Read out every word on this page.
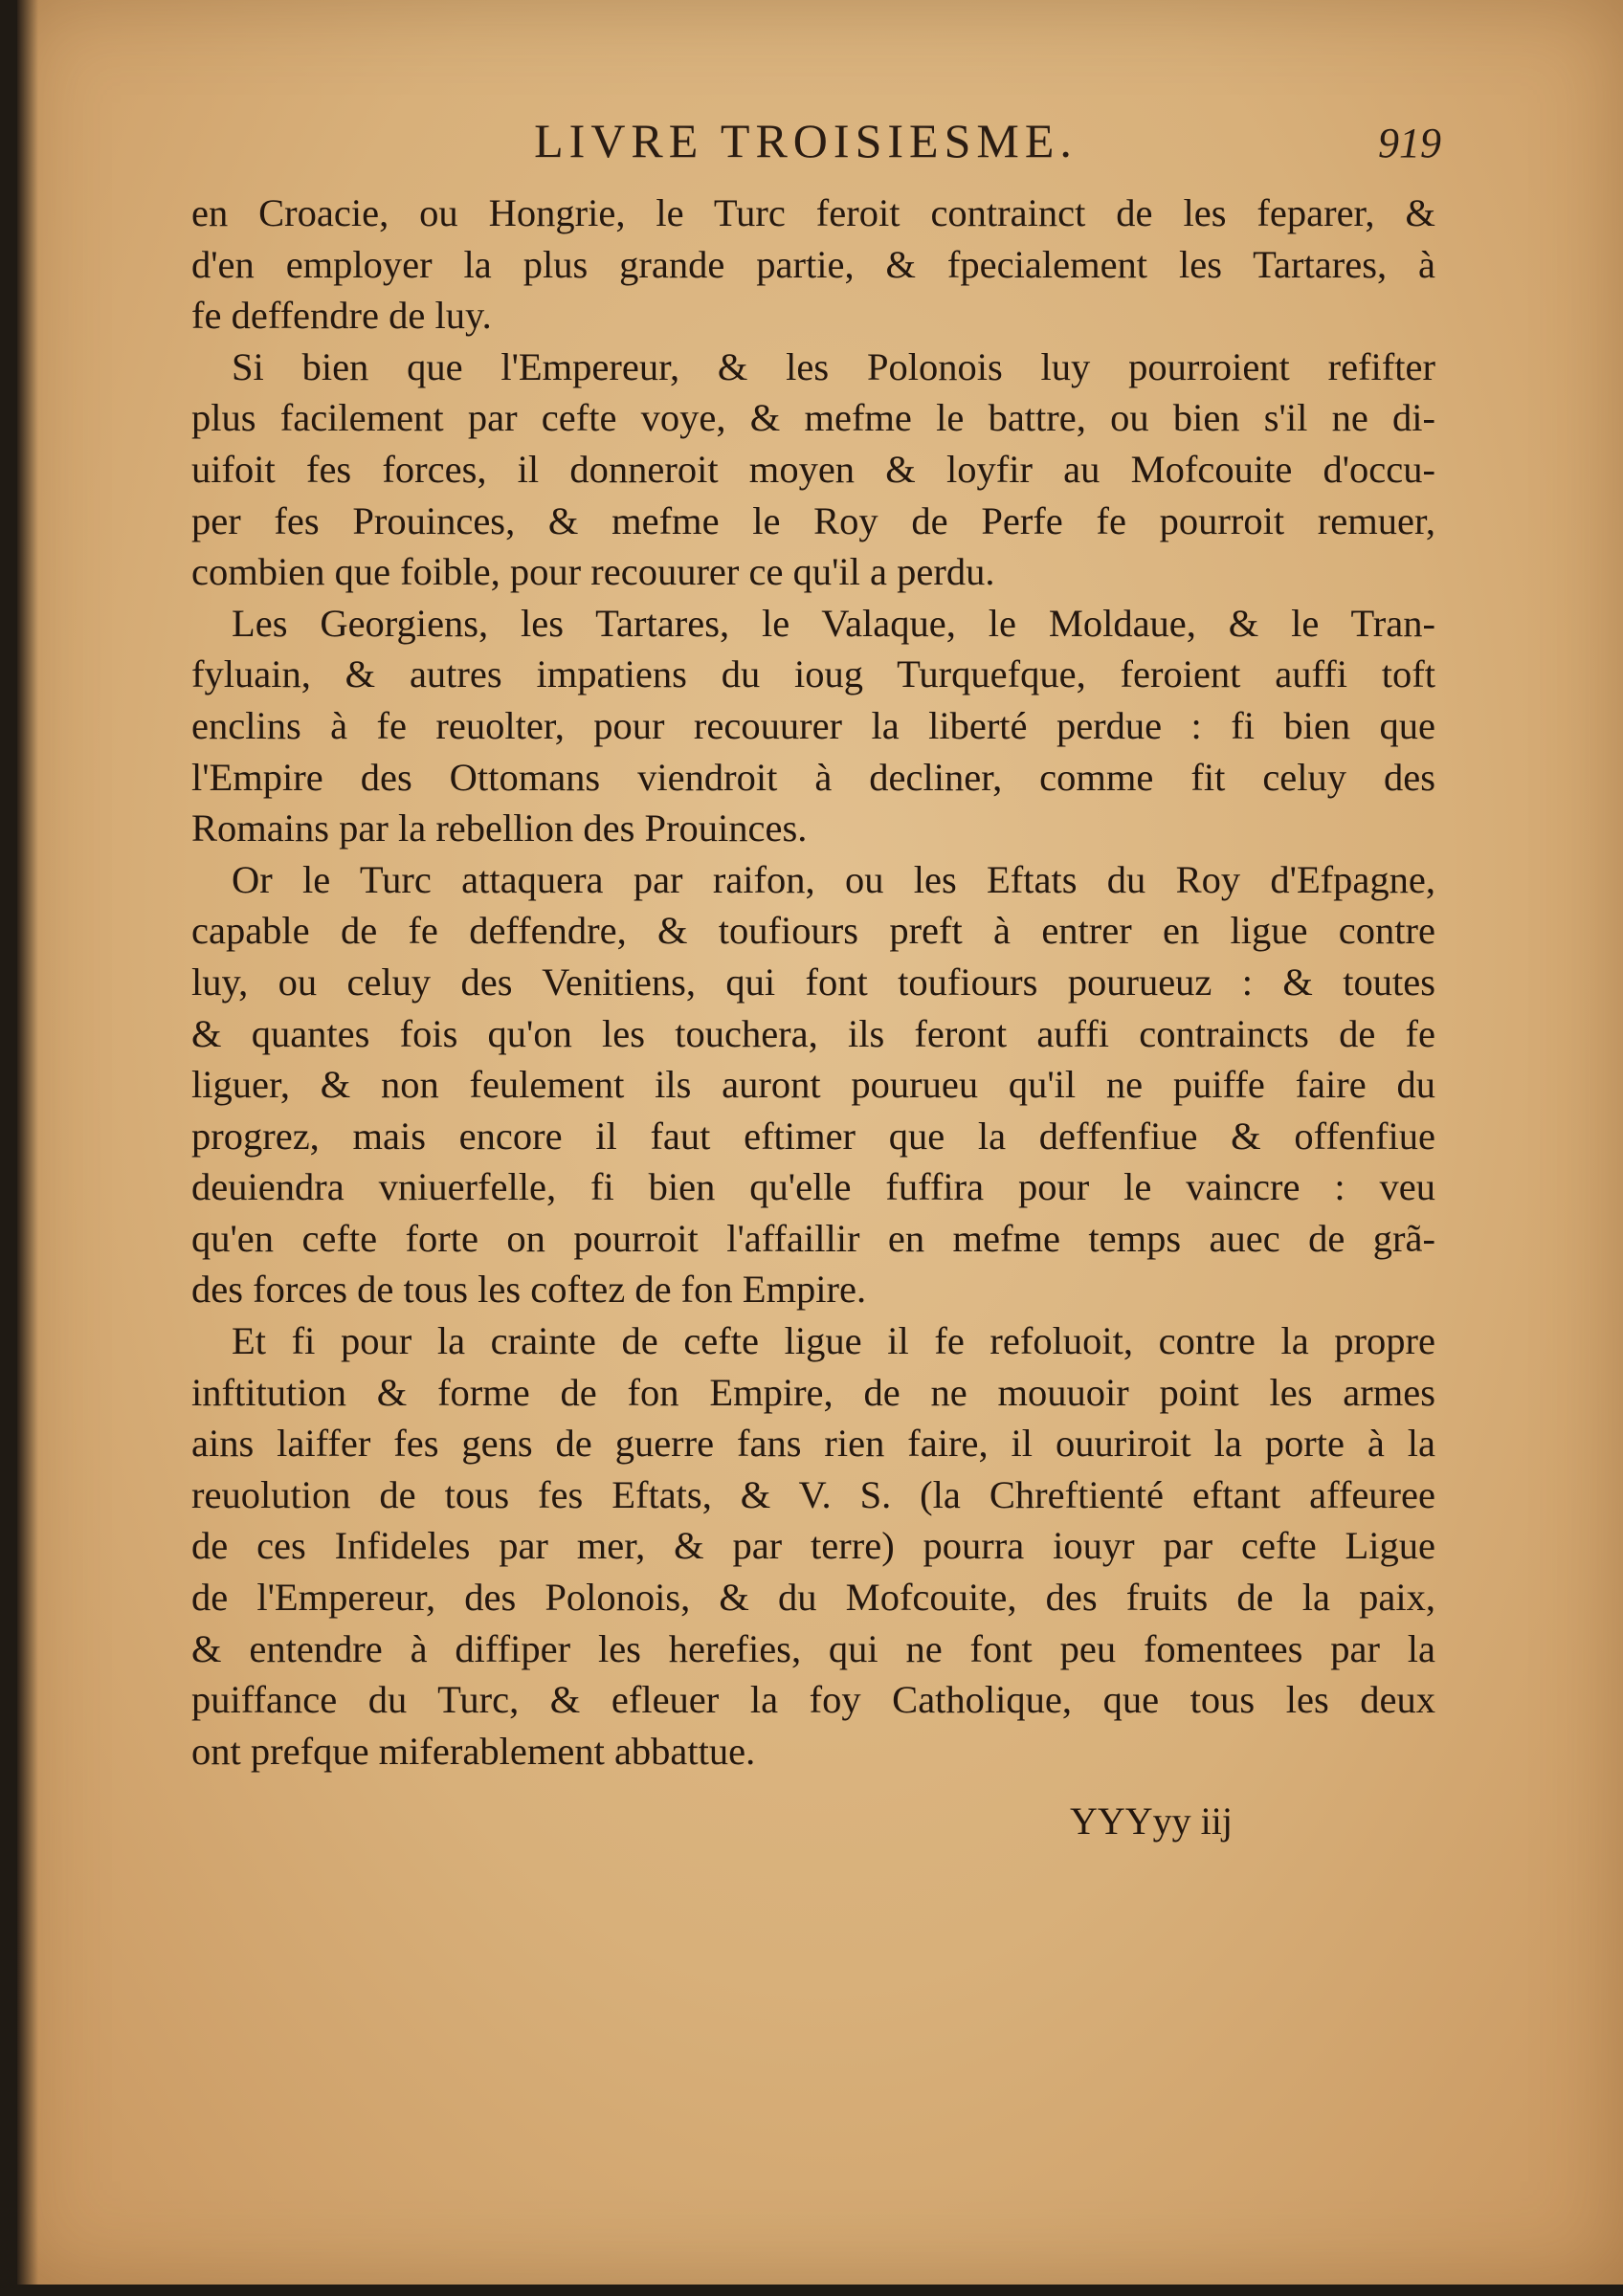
LIVRE TROISIESME.	919
en Croacie, ou Hongrie, le Turc feroit contrainct de les feparer, &
d'en employer la plus grande partie, & fpecialement les Tartares, à
fe deffendre de luy.
Si bien que l'Empereur, & les Polonois luy pourroient refifter
plus facilement par cefte voye, & mefme le battre, ou bien s'il ne di-
uifoit fes forces, il donneroit moyen & loyfir au Mofcouite d'occu-
per fes Prouinces, & mefme le Roy de Perfe fe pourroit remuer,
combien que foible, pour recouurer ce qu'il a perdu.
Les Georgiens, les Tartares, le Valaque, le Moldaue, & le Tran-
fyluain, & autres impatiens du ioug Turquefque, feroient auffi toft
enclins à fe reuolter, pour recouurer la liberté perdue : fi bien que
l'Empire des Ottomans viendroit à decliner, comme fit celuy des
Romains par la rebellion des Prouinces.
Or le Turc attaquera par raifon, ou les Eftats du Roy d'Efpagne,
capable de fe deffendre, & toufiours preft à entrer en ligue contre
luy, ou celuy des Venitiens, qui font toufiours pourueuz : & toutes
& quantes fois qu'on les touchera, ils feront auffi contraincts de fe
liguer, & non feulement ils auront pourueu qu'il ne puiffe faire du
progrez, mais encore il faut eftimer que la deffenfiue & offenfiue
deuiendra vniuerfelle, fi bien qu'elle fuffira pour le vaincre : veu
qu'en cefte forte on pourroit l'affaillir en mefme temps auec de grã-
des forces de tous les coftez de fon Empire.
Et fi pour la crainte de cefte ligue il fe refoluoit, contre la propre
inftitution & forme de fon Empire, de ne mouuoir point les armes
ains laiffer fes gens de guerre fans rien faire, il ouuriroit la porte à la
reuolution de tous fes Eftats, & V. S. (la Chreftienté eftant affeuree
de ces Infideles par mer, & par terre) pourra iouyr par cefte Ligue
de l'Empereur, des Polonois, & du Mofcouite, des fruits de la paix,
& entendre à diffiper les herefies, qui ne font peu fomentees par la
puiffance du Turc, & efleuer la foy Catholique, que tous les deux
ont prefque miferablement abbattue.
YYYyy iij
